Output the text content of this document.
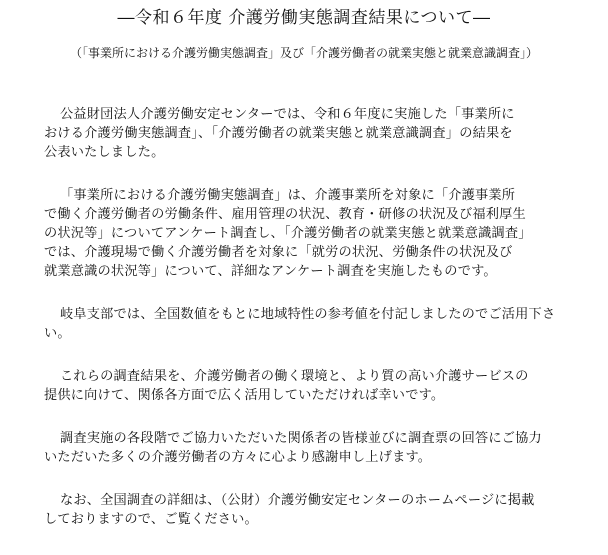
―令和６年度 介護労働実態調査結果について―
（「事業所における介護労働実態調査」及び「介護労働者の就業実態と就業意識調査」）

公益財団法人介護労働安定センターでは、令和６年度に実施した「事業所に
おける介護労働実態調査」、「介護労働者の就業実態と就業意識調査」の結果を
公表いたしました。

「事業所における介護労働実態調査」は、介護事業所を対象に「介護事業所
で働く介護労働者の労働条件、雇用管理の状況、教育・研修の状況及び福利厚生
の状況等」についてアンケート調査し、「介護労働者の就業実態と就業意識調査」
では、介護現場で働く介護労働者を対象に「就労の状況、労働条件の状況及び
就業意識の状況等」について、詳細なアンケート調査を実施したものです。

岐阜支部では、全国数値をもとに地域特性の参考値を付記しましたのでご活用下さ
い。

これらの調査結果を、介護労働者の働く環境と、より質の高い介護サービスの
提供に向けて、関係各方面で広く活用していただければ幸いです。

調査実施の各段階でご協力いただいた関係者の皆様並びに調査票の回答にご協力
いただいた多くの介護労働者の方々に心より感謝申し上げます。

なお、全国調査の詳細は、（公財）介護労働安定センターのホームページに掲載
しておりますので、ご覧ください。
